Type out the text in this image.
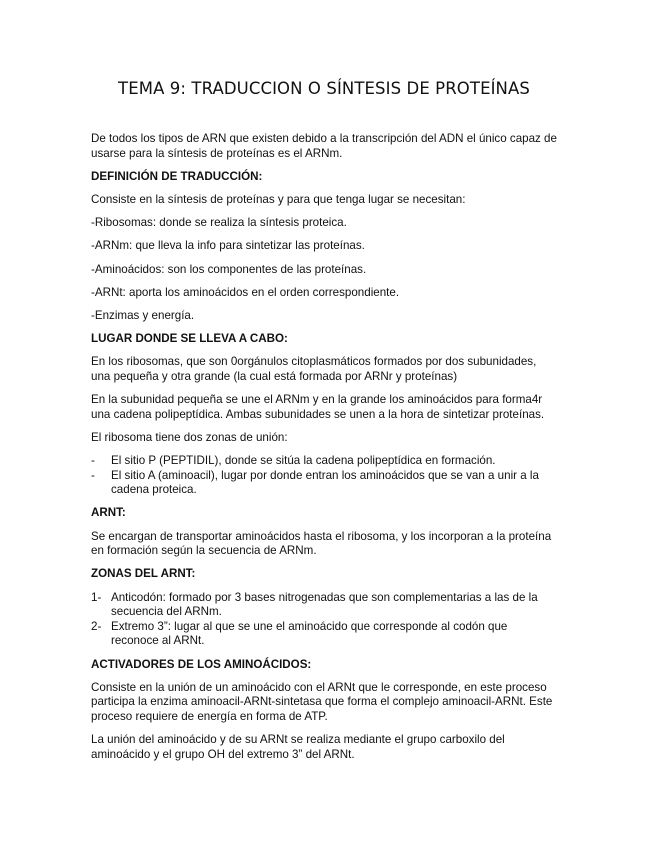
TEMA 9: TRADUCCION O SÍNTESIS DE PROTEÍNAS

De todos los tipos de ARN que existen debido a la transcripción del ADN el único capaz de usarse para la síntesis de proteínas es el ARNm.

DEFINICIÓN DE TRADUCCIÓN:

Consiste en la síntesis de proteínas y para que tenga lugar se necesitan:

-Ribosomas: donde se realiza la síntesis proteica.

-ARNm: que lleva la info para sintetizar las proteínas.

-Aminoácidos: son los componentes de las proteínas.

-ARNt: aporta los aminoácidos en el orden correspondiente.

-Enzimas y energía.

LUGAR DONDE SE LLEVA A CABO:

En los ribosomas, que son 0orgánulos citoplasmáticos formados por dos subunidades, una pequeña y otra grande (la cual está formada por ARNr y proteínas)

En la subunidad pequeña se une el ARNm y en la grande los aminoácidos para forma4r una cadena polipeptídica. Ambas subunidades se unen a la hora de sintetizar proteínas.

El ribosoma tiene dos zonas de unión:

- El sitio P (PEPTIDIL), donde se sitúa la cadena polipeptídica en formación.
- El sitio A (aminoacil), lugar por donde entran los aminoácidos que se van a unir a la cadena proteica.
ARNT:

Se encargan de transportar aminoácidos hasta el ribosoma, y los incorporan a la proteína en formación según la secuencia de ARNm.

ZONAS DEL ARNT:
1- Anticodón: formado por 3 bases nitrogenadas que son complementarias a las de la secuencia del ARNm.
2- Extremo 3”: lugar al que se une el aminoácido que corresponde al codón que reconoce al ARNt.
ACTIVADORES DE LOS AMINOÁCIDOS:

Consiste en la unión de un aminoácido con el ARNt que le corresponde, en este proceso participa la enzima aminoacil-ARNt-sintetasa que forma el complejo aminoacil-ARNt. Este proceso requiere de energía en forma de ATP.

La unión del aminoácido y de su ARNt se realiza mediante el grupo carboxilo del aminoácido y el grupo OH del extremo 3” del ARNt.
